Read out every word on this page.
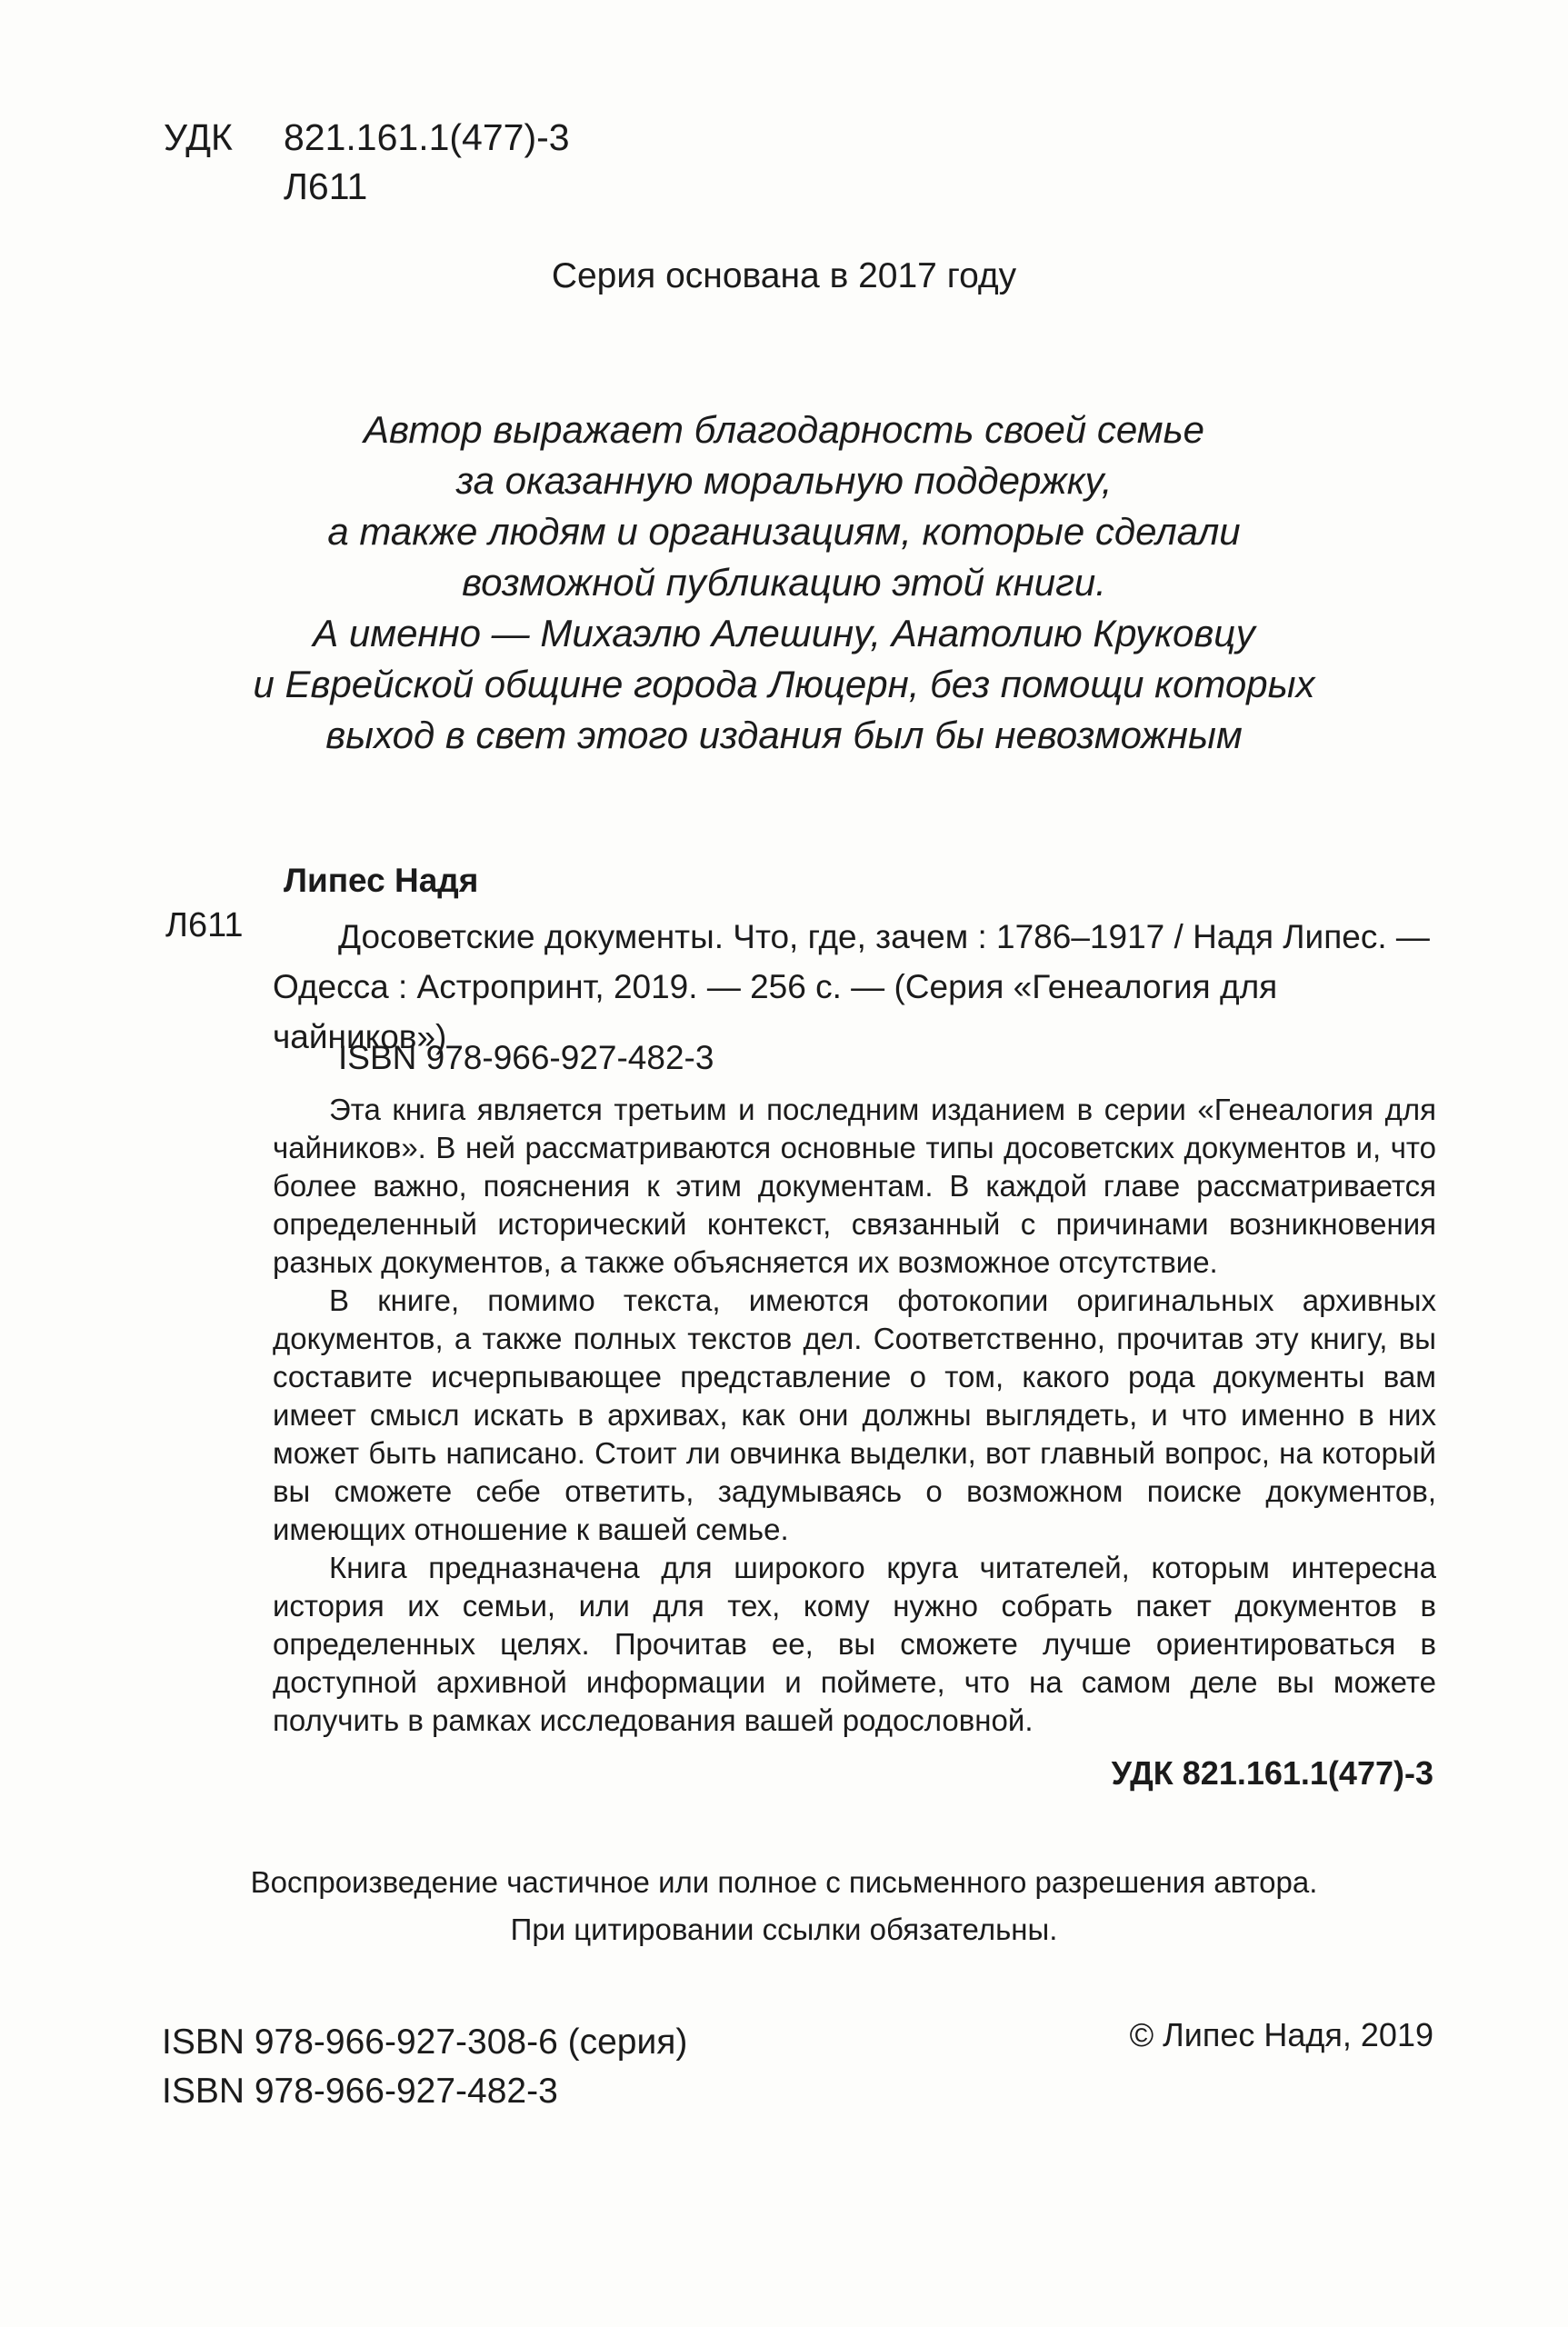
УДК 821.161.1(477)-3
Л611
Серия основана в 2017 году
Автор выражает благодарность своей семье
за оказанную моральную поддержку,
а также людям и организациям, которые сделали
возможной публикацию этой книги.
А именно — Михаэлю Алешину, Анатолию Круковцу
и Еврейской общине города Люцерн, без помощи которых
выход в свет этого издания был бы невозможным
Липес Надя
Л611	Досоветские документы. Что, где, зачем : 1786–1917 / Надя Липес. — Одесса : Астропринт, 2019. — 256 с. — (Серия «Генеалогия для чайников»)

ISBN 978-966-927-482-3

Эта книга является третьим и последним изданием в серии «Генеалогия для чайников». В ней рассматриваются основные типы досоветских документов и, что более важно, пояснения к этим документам. В каждой главе рассматривается определенный исторический контекст, связанный с причинами возникновения разных документов, а также объясняется их возможное отсутствие.

В книге, помимо текста, имеются фотокопии оригинальных архивных документов, а также полных текстов дел. Соответственно, прочитав эту книгу, вы составите исчерпывающее представление о том, какого рода документы вам имеет смысл искать в архивах, как они должны выглядеть, и что именно в них может быть написано. Стоит ли овчинка выделки, вот главный вопрос, на который вы сможете себе ответить, задумываясь о возможном поиске документов, имеющих отношение к вашей семье.

Книга предназначена для широкого круга читателей, которым интересна история их семьи, или для тех, кому нужно собрать пакет документов в определенных целях. Прочитав ее, вы сможете лучше ориентироваться в доступной архивной информации и поймете, что на самом деле вы можете получить в рамках исследования вашей родословной.

УДК 821.161.1(477)-3
Воспроизведение частичное или полное с письменного разрешения автора.
При цитировании ссылки обязательны.
ISBN 978-966-927-308-6 (серия)
ISBN 978-966-927-482-3
© Липес Надя, 2019
